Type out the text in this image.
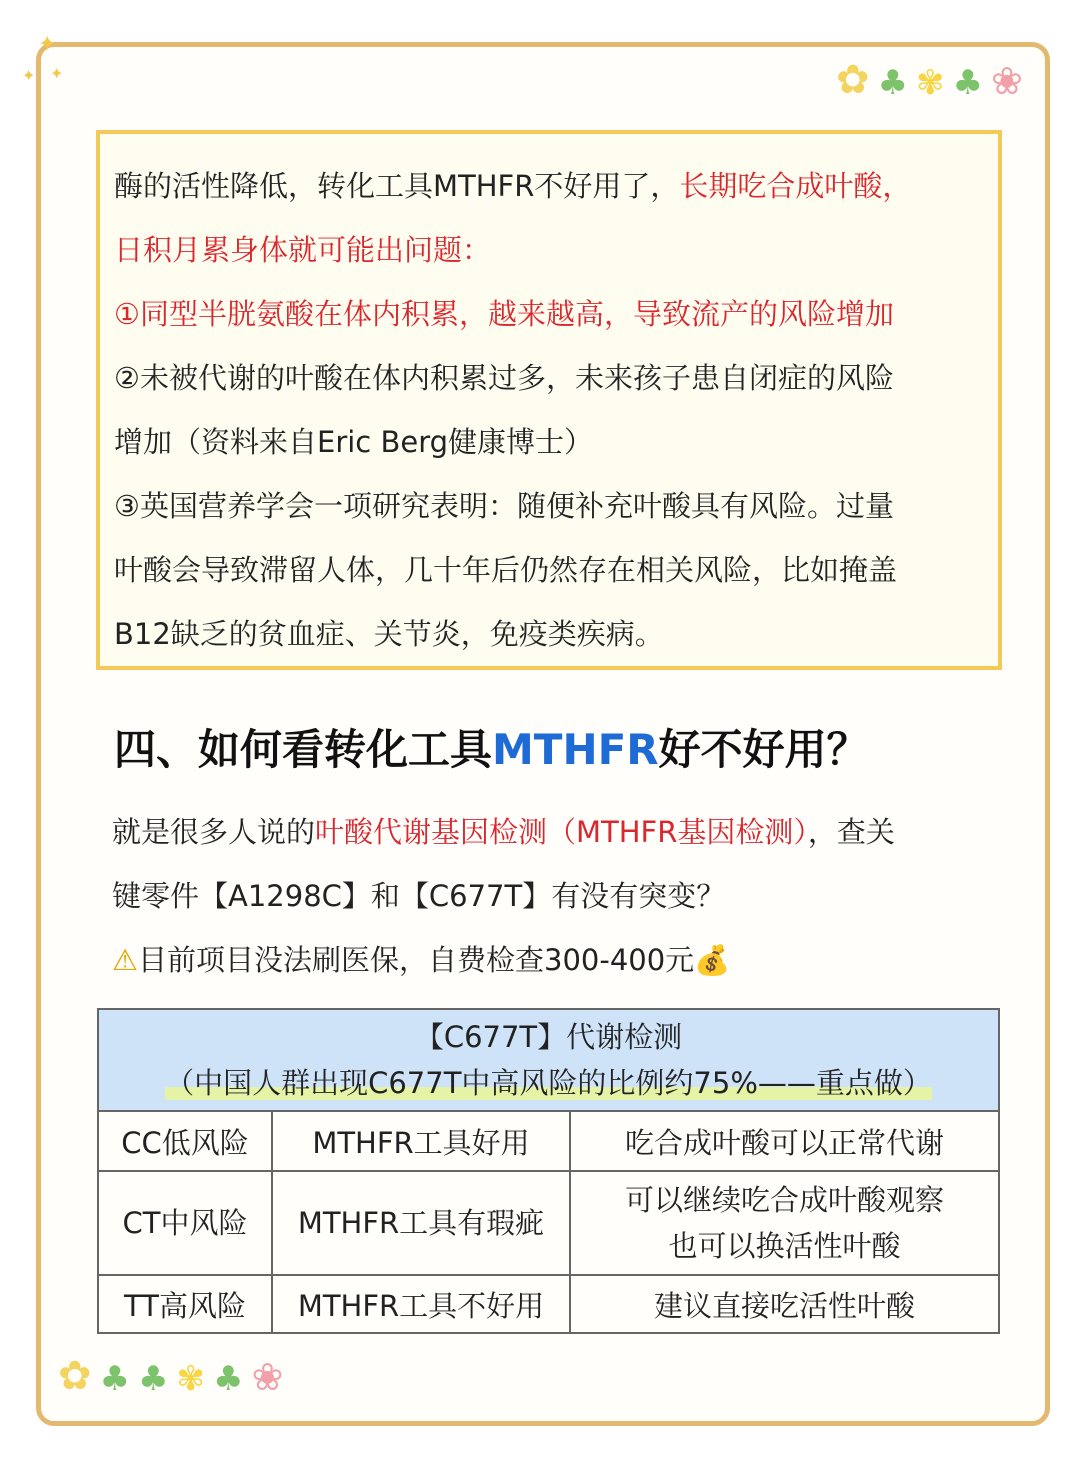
✦
✦ ✦	✿ ♣ ✾ ♣ ❀

酶的活性降低，转化工具MTHFR不好用了，长期吃合成叶酸，

日积月累身体就可能出问题：

①同型半胱氨酸在体内积累，越来越高，导致流产的风险增加

②未被代谢的叶酸在体内积累过多，未来孩子患自闭症的风险

增加（资料来自Eric Berg健康博士）

③英国营养学会一项研究表明：随便补充叶酸具有风险。过量

叶酸会导致滞留人体，几十年后仍然存在相关风险，比如掩盖

B12缺乏的贫血症、关节炎，免疫类疾病。

四、如何看转化工具MTHFR好不好用？

就是很多人说的叶酸代谢基因检测（MTHFR基因检测），查关

键零件【A1298C】和【C677T】有没有突变？

⚠目前项目没法刷医保，自费检查300-400元💰

【C677T】代谢检测
（中国人群出现C677T中高风险的比例约75%——重点做）		

CC低风险	MTHFR工具好用	吃合成叶酸可以正常代谢
CT中风险	MTHFR工具有瑕疵	可以继续吃合成叶酸观察
也可以换活性叶酸

TT高风险	MTHFR工具不好用	建议直接吃活性叶酸
✿ ♣ ♣ ✾ ♣ ❀
